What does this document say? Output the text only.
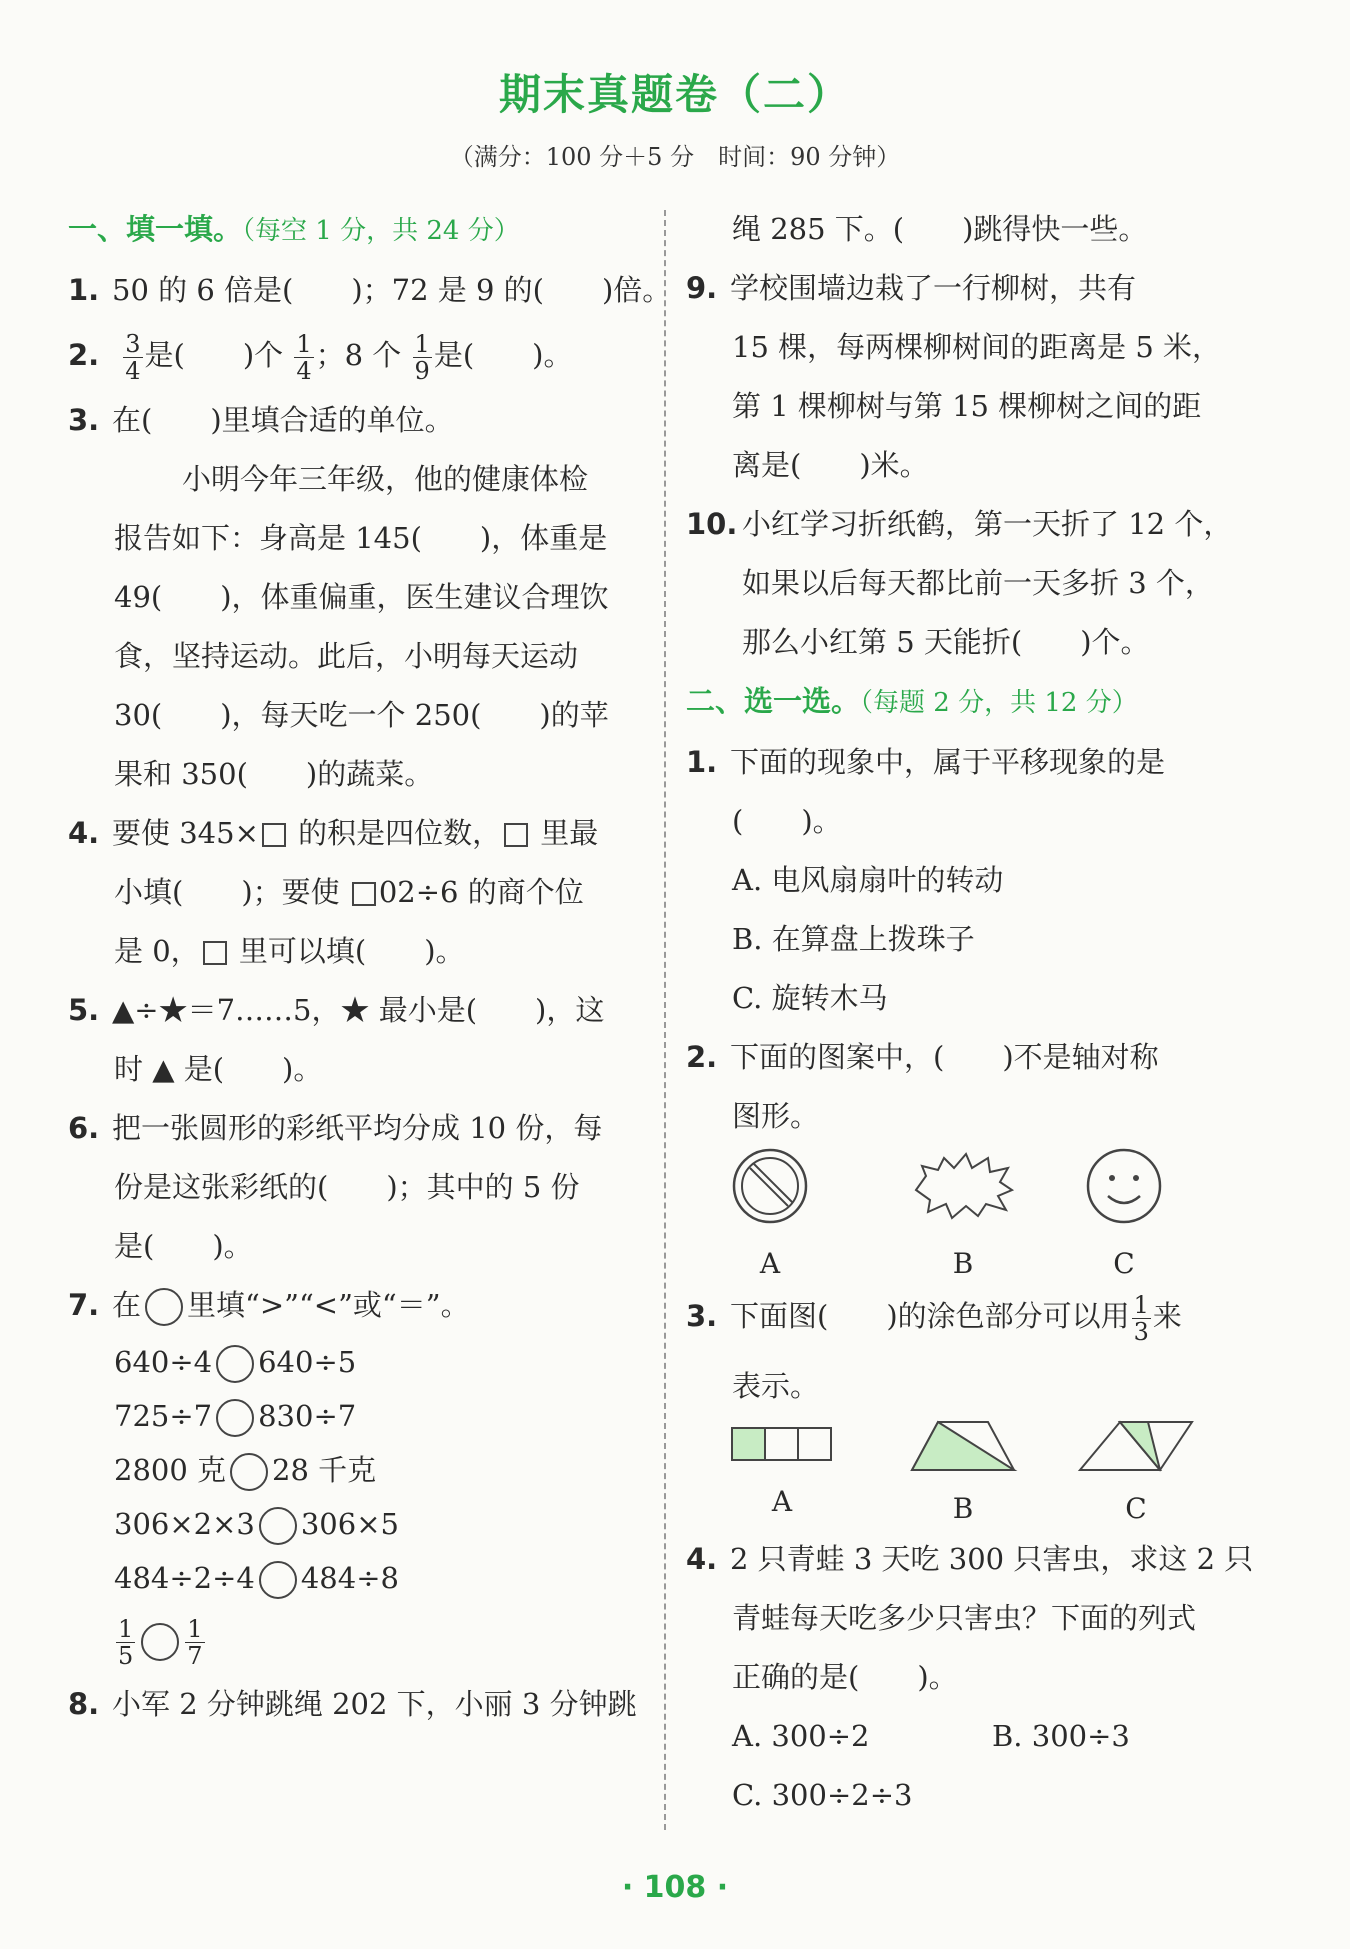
期末真题卷（二）
（满分：100 分＋5 分　时间：90 分钟）
一、填一填。（每空 1 分，共 24 分）
1. 50 的 6 倍是(　　)；72 是 9 的(　　)倍。
2. $\frac{3}{4}$ 是(　　)个 $\frac{1}{4}$ ；8 个 $\frac{1}{9}$ 是(　　)。
3. 在(　　)里填合适的单位。
小明今年三年级，他的健康体检
报告如下：身高是 145(　　)，体重是
49(　　)，体重偏重，医生建议合理饮
食，坚持运动。此后，小明每天运动
30(　　)，每天吃一个 250(　　)的苹
果和 350(　　)的蔬菜。
4. 要使 345× 的积是四位数， 里最
小填(　　)；要使 02÷6 的商个位
是 0， 里可以填(　　)。
5. ▲÷★＝7……5，★ 最小是(　　)，这
时 ▲ 是(　　)。
6. 把一张圆形的彩纸平均分成 10 份，每
份是这张彩纸的(　　)；其中的 5 份
是(　　)。
7. 在 里填“>”“<”或“＝”。
640÷4 640÷5
725÷7 830÷7
2800 克 28 千克
306×2×3 306×5
484÷2÷4 484÷8
$\frac{1}{5} \frac{1}{7}$
8. 小军 2 分钟跳绳 202 下，小丽 3 分钟跳
绳 285 下。(　　)跳得快一些。
9. 学校围墙边栽了一行柳树，共有
15 棵，每两棵柳树间的距离是 5 米，
第 1 棵柳树与第 15 棵柳树之间的距
离是(　　)米。
10. 小红学习折纸鹤，第一天折了 12 个，
如果以后每天都比前一天多折 3 个，
那么小红第 5 天能折(　　)个。
二、选一选。（每题 2 分，共 12 分）
1. 下面的现象中，属于平移现象的是
(　　)。
A. 电风扇扇叶的转动
B. 在算盘上拨珠子
C. 旋转木马
2. 下面的图案中，(　　)不是轴对称
图形。
A	B	C
3. 下面图(　　)的涂色部分可以用 $\frac{1}{3}$ 来
表示。
A	B	C
4. 2 只青蛙 3 天吃 300 只害虫，求这 2 只
青蛙每天吃多少只害虫？下面的列式
正确的是(　　)。
A. 300÷2	B. 300÷3
C. 300÷2÷3
· 108 ·
